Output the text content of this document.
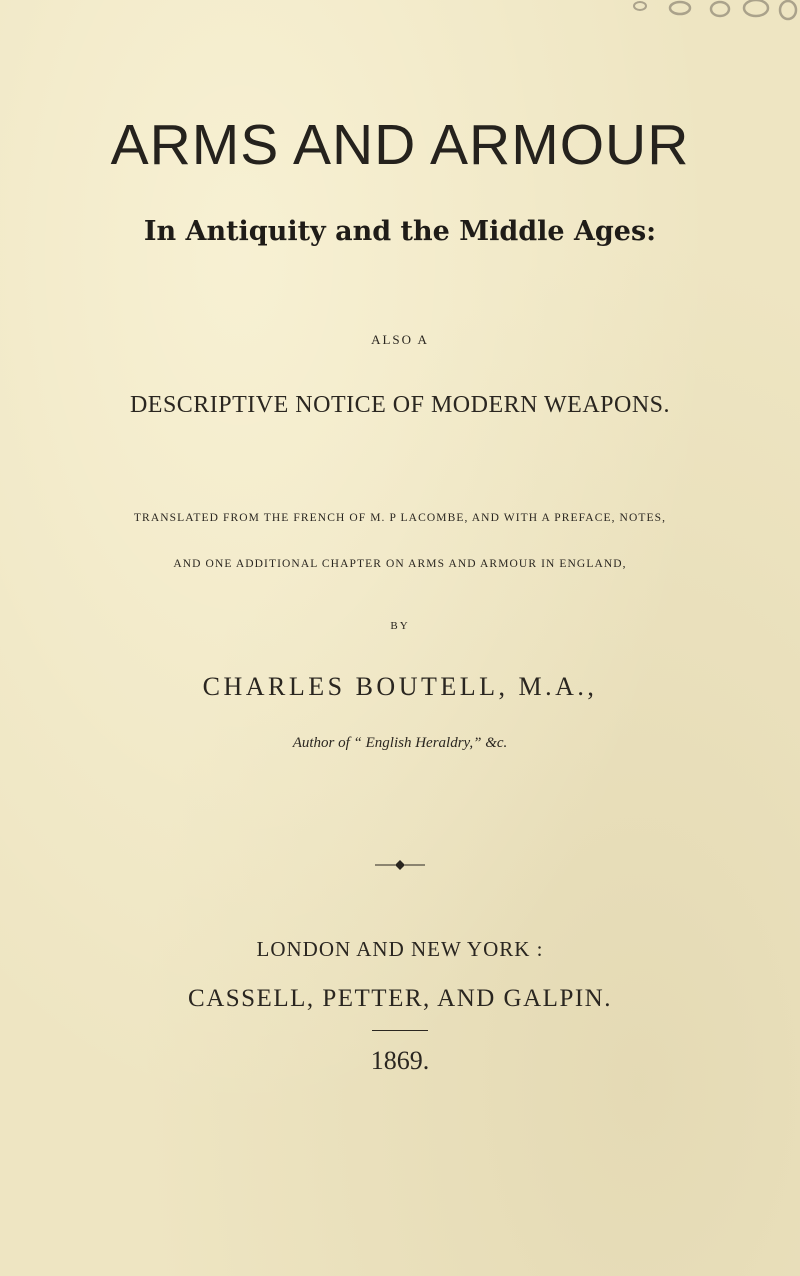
ARMS AND ARMOUR
In Antiquity and the Middle Ages:
ALSO A
DESCRIPTIVE NOTICE OF MODERN WEAPONS.
TRANSLATED FROM THE FRENCH OF M. P LACOMBE, AND WITH A PREFACE, NOTES,
AND ONE ADDITIONAL CHAPTER ON ARMS AND ARMOUR IN ENGLAND,
BY
CHARLES BOUTELL, M.A.,
Author of “ English Heraldry,” &c.
LONDON AND NEW YORK :
CASSELL, PETTER, AND GALPIN.
1869.
